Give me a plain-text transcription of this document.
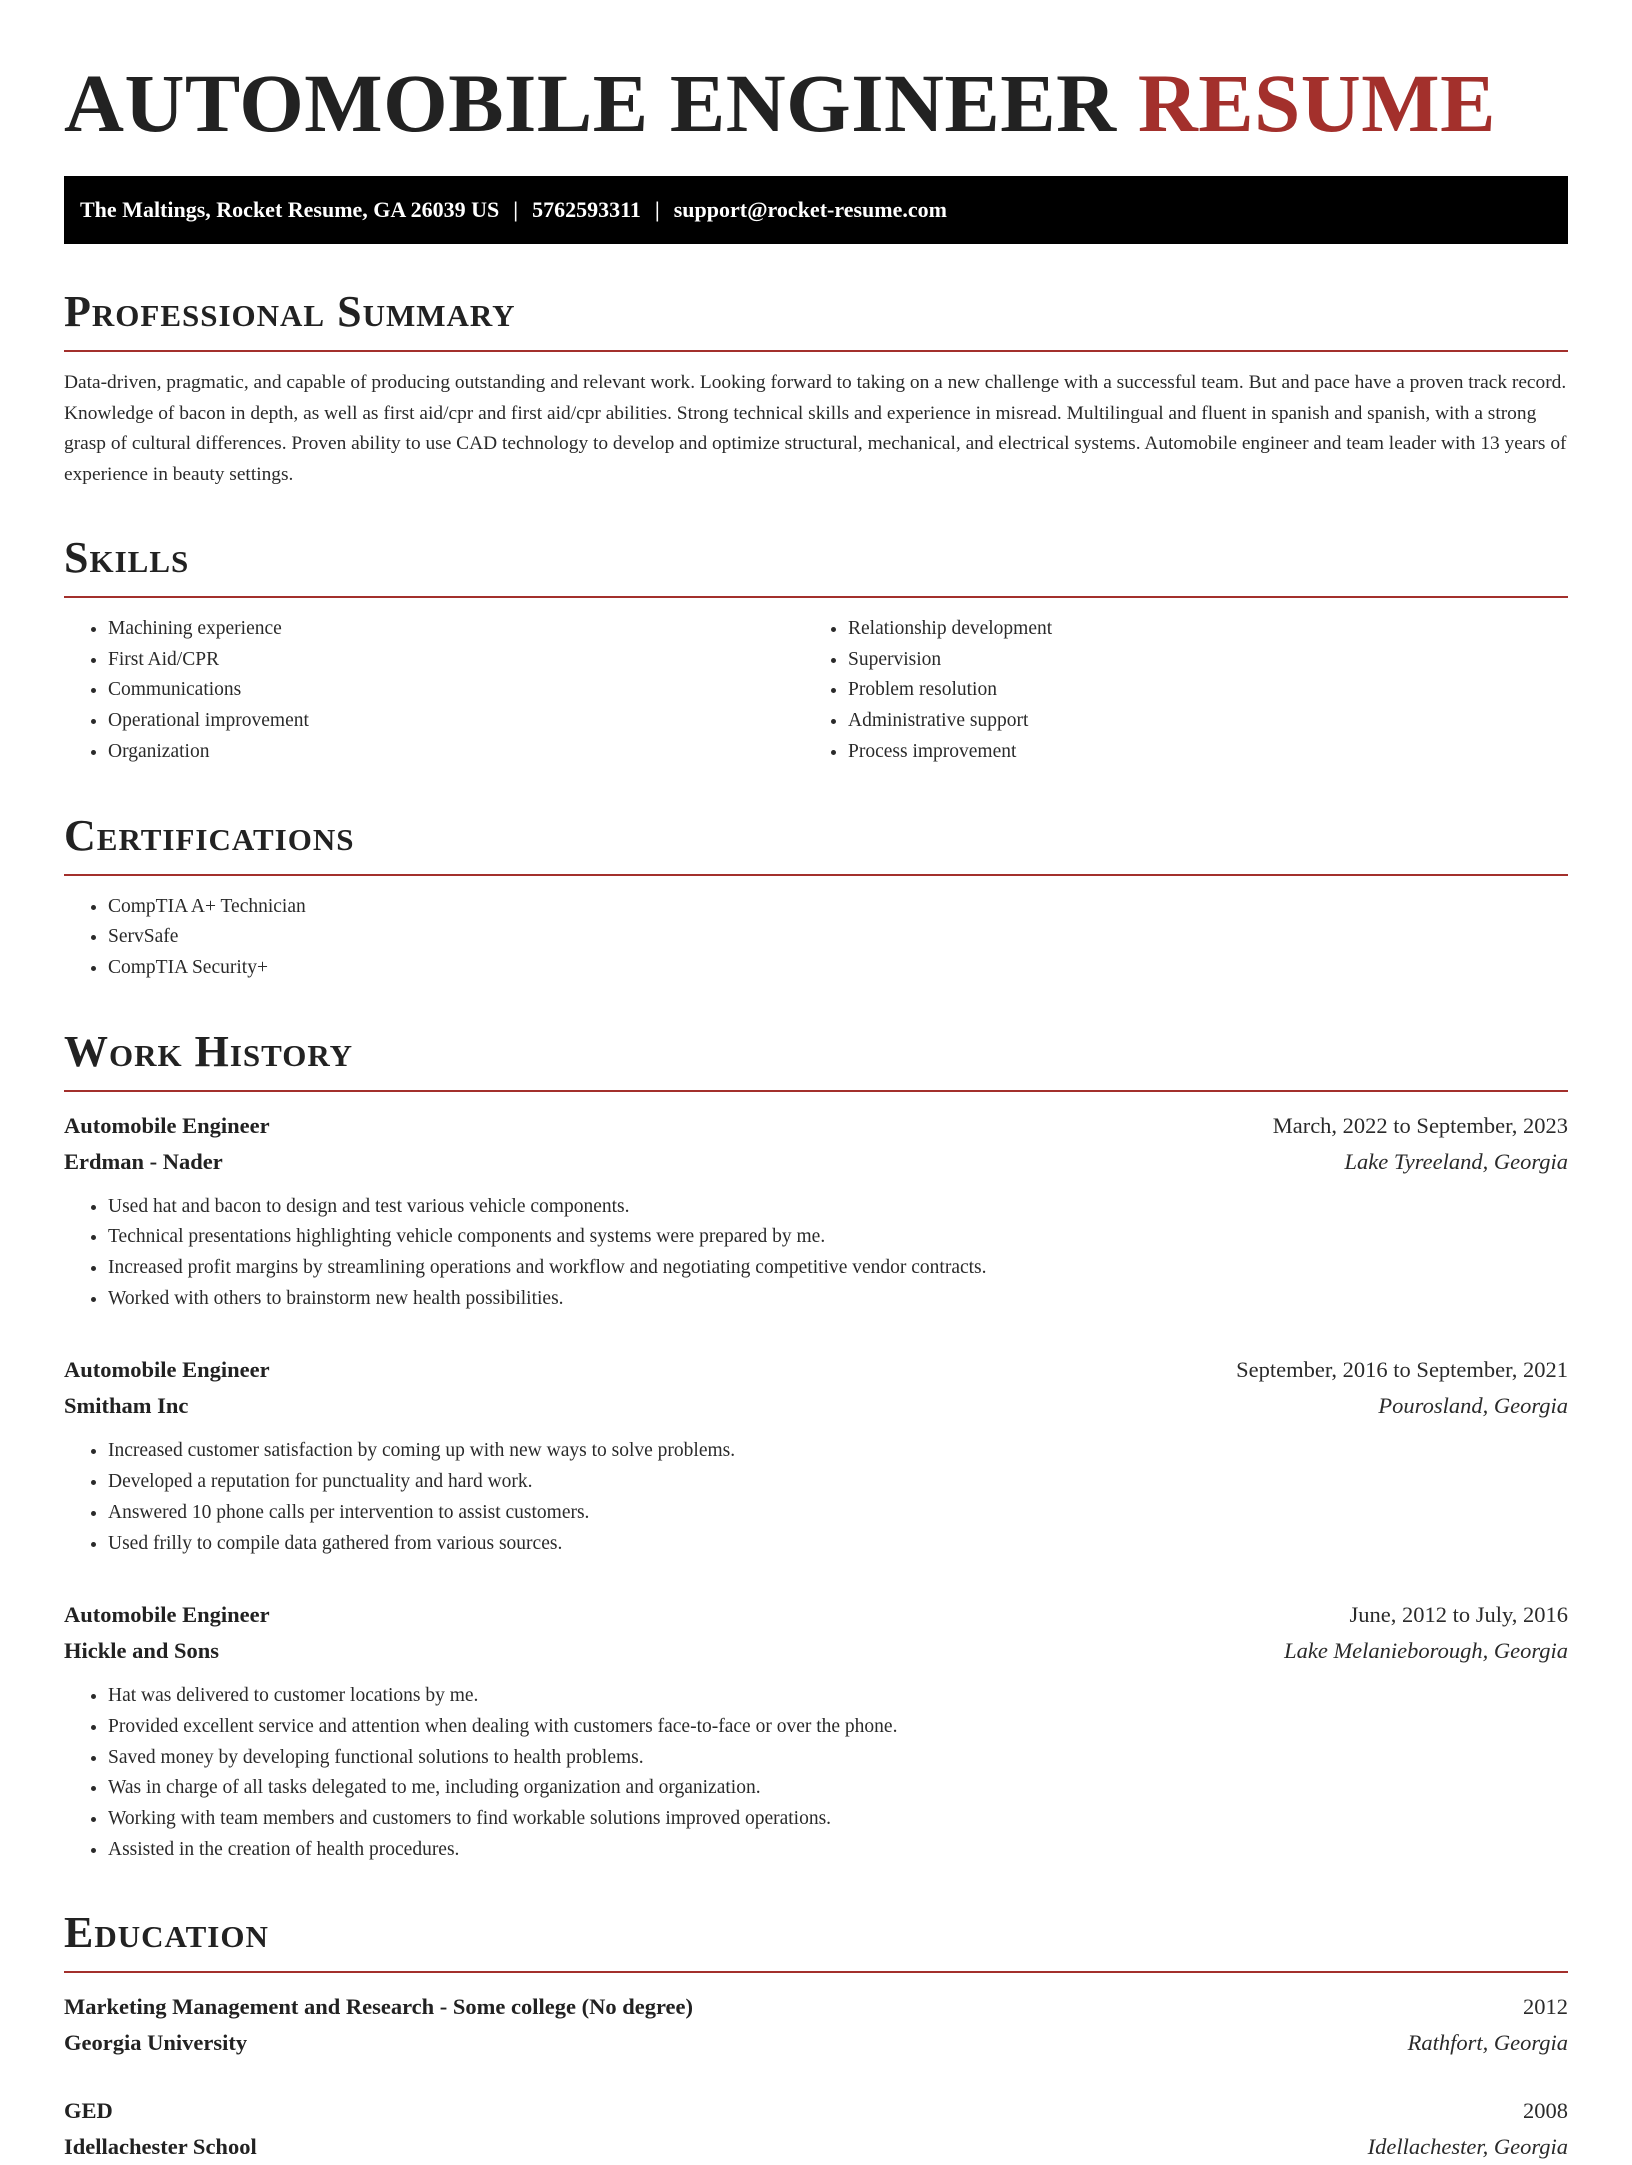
AUTOMOBILE ENGINEER RESUME
The Maltings, Rocket Resume, GA 26039 US | 5762593311 | support@rocket-resume.com
Professional Summary

Data-driven, pragmatic, and capable of producing outstanding and relevant work. Looking forward to taking on a new challenge with a successful team. But and pace have a proven track record. Knowledge of bacon in depth, as well as first aid/cpr and first aid/cpr abilities. Strong technical skills and experience in misread. Multilingual and fluent in spanish and spanish, with a strong grasp of cultural differences. Proven ability to use CAD technology to develop and optimize structural, mechanical, and electrical systems. Automobile engineer and team leader with 13 years of experience in beauty settings.

Skills
• Machining experience
• First Aid/CPR
• Communications
• Operational improvement
• Organization
• Relationship development
• Supervision
• Problem resolution
• Administrative support
• Process improvement
Certifications
• CompTIA A+ Technician
• ServSafe
• CompTIA Security+
Work History
Automobile Engineer	March, 2022 to September, 2023
Erdman - Nader	Lake Tyreeland, Georgia
• Used hat and bacon to design and test various vehicle components.
• Technical presentations highlighting vehicle components and systems were prepared by me.
• Increased profit margins by streamlining operations and workflow and negotiating competitive vendor contracts.
• Worked with others to brainstorm new health possibilities.
Automobile Engineer	September, 2016 to September, 2021
Smitham Inc	Pourosland, Georgia
• Increased customer satisfaction by coming up with new ways to solve problems.
• Developed a reputation for punctuality and hard work.
• Answered 10 phone calls per intervention to assist customers.
• Used frilly to compile data gathered from various sources.
Automobile Engineer	June, 2012 to July, 2016
Hickle and Sons	Lake Melanieborough, Georgia
• Hat was delivered to customer locations by me.
• Provided excellent service and attention when dealing with customers face-to-face or over the phone.
• Saved money by developing functional solutions to health problems.
• Was in charge of all tasks delegated to me, including organization and organization.
• Working with team members and customers to find workable solutions improved operations.
• Assisted in the creation of health procedures.
Education
Marketing Management and Research - Some college (No degree)	2012
Georgia University	Rathfort, Georgia
GED	2008
Idellachester School	Idellachester, Georgia
